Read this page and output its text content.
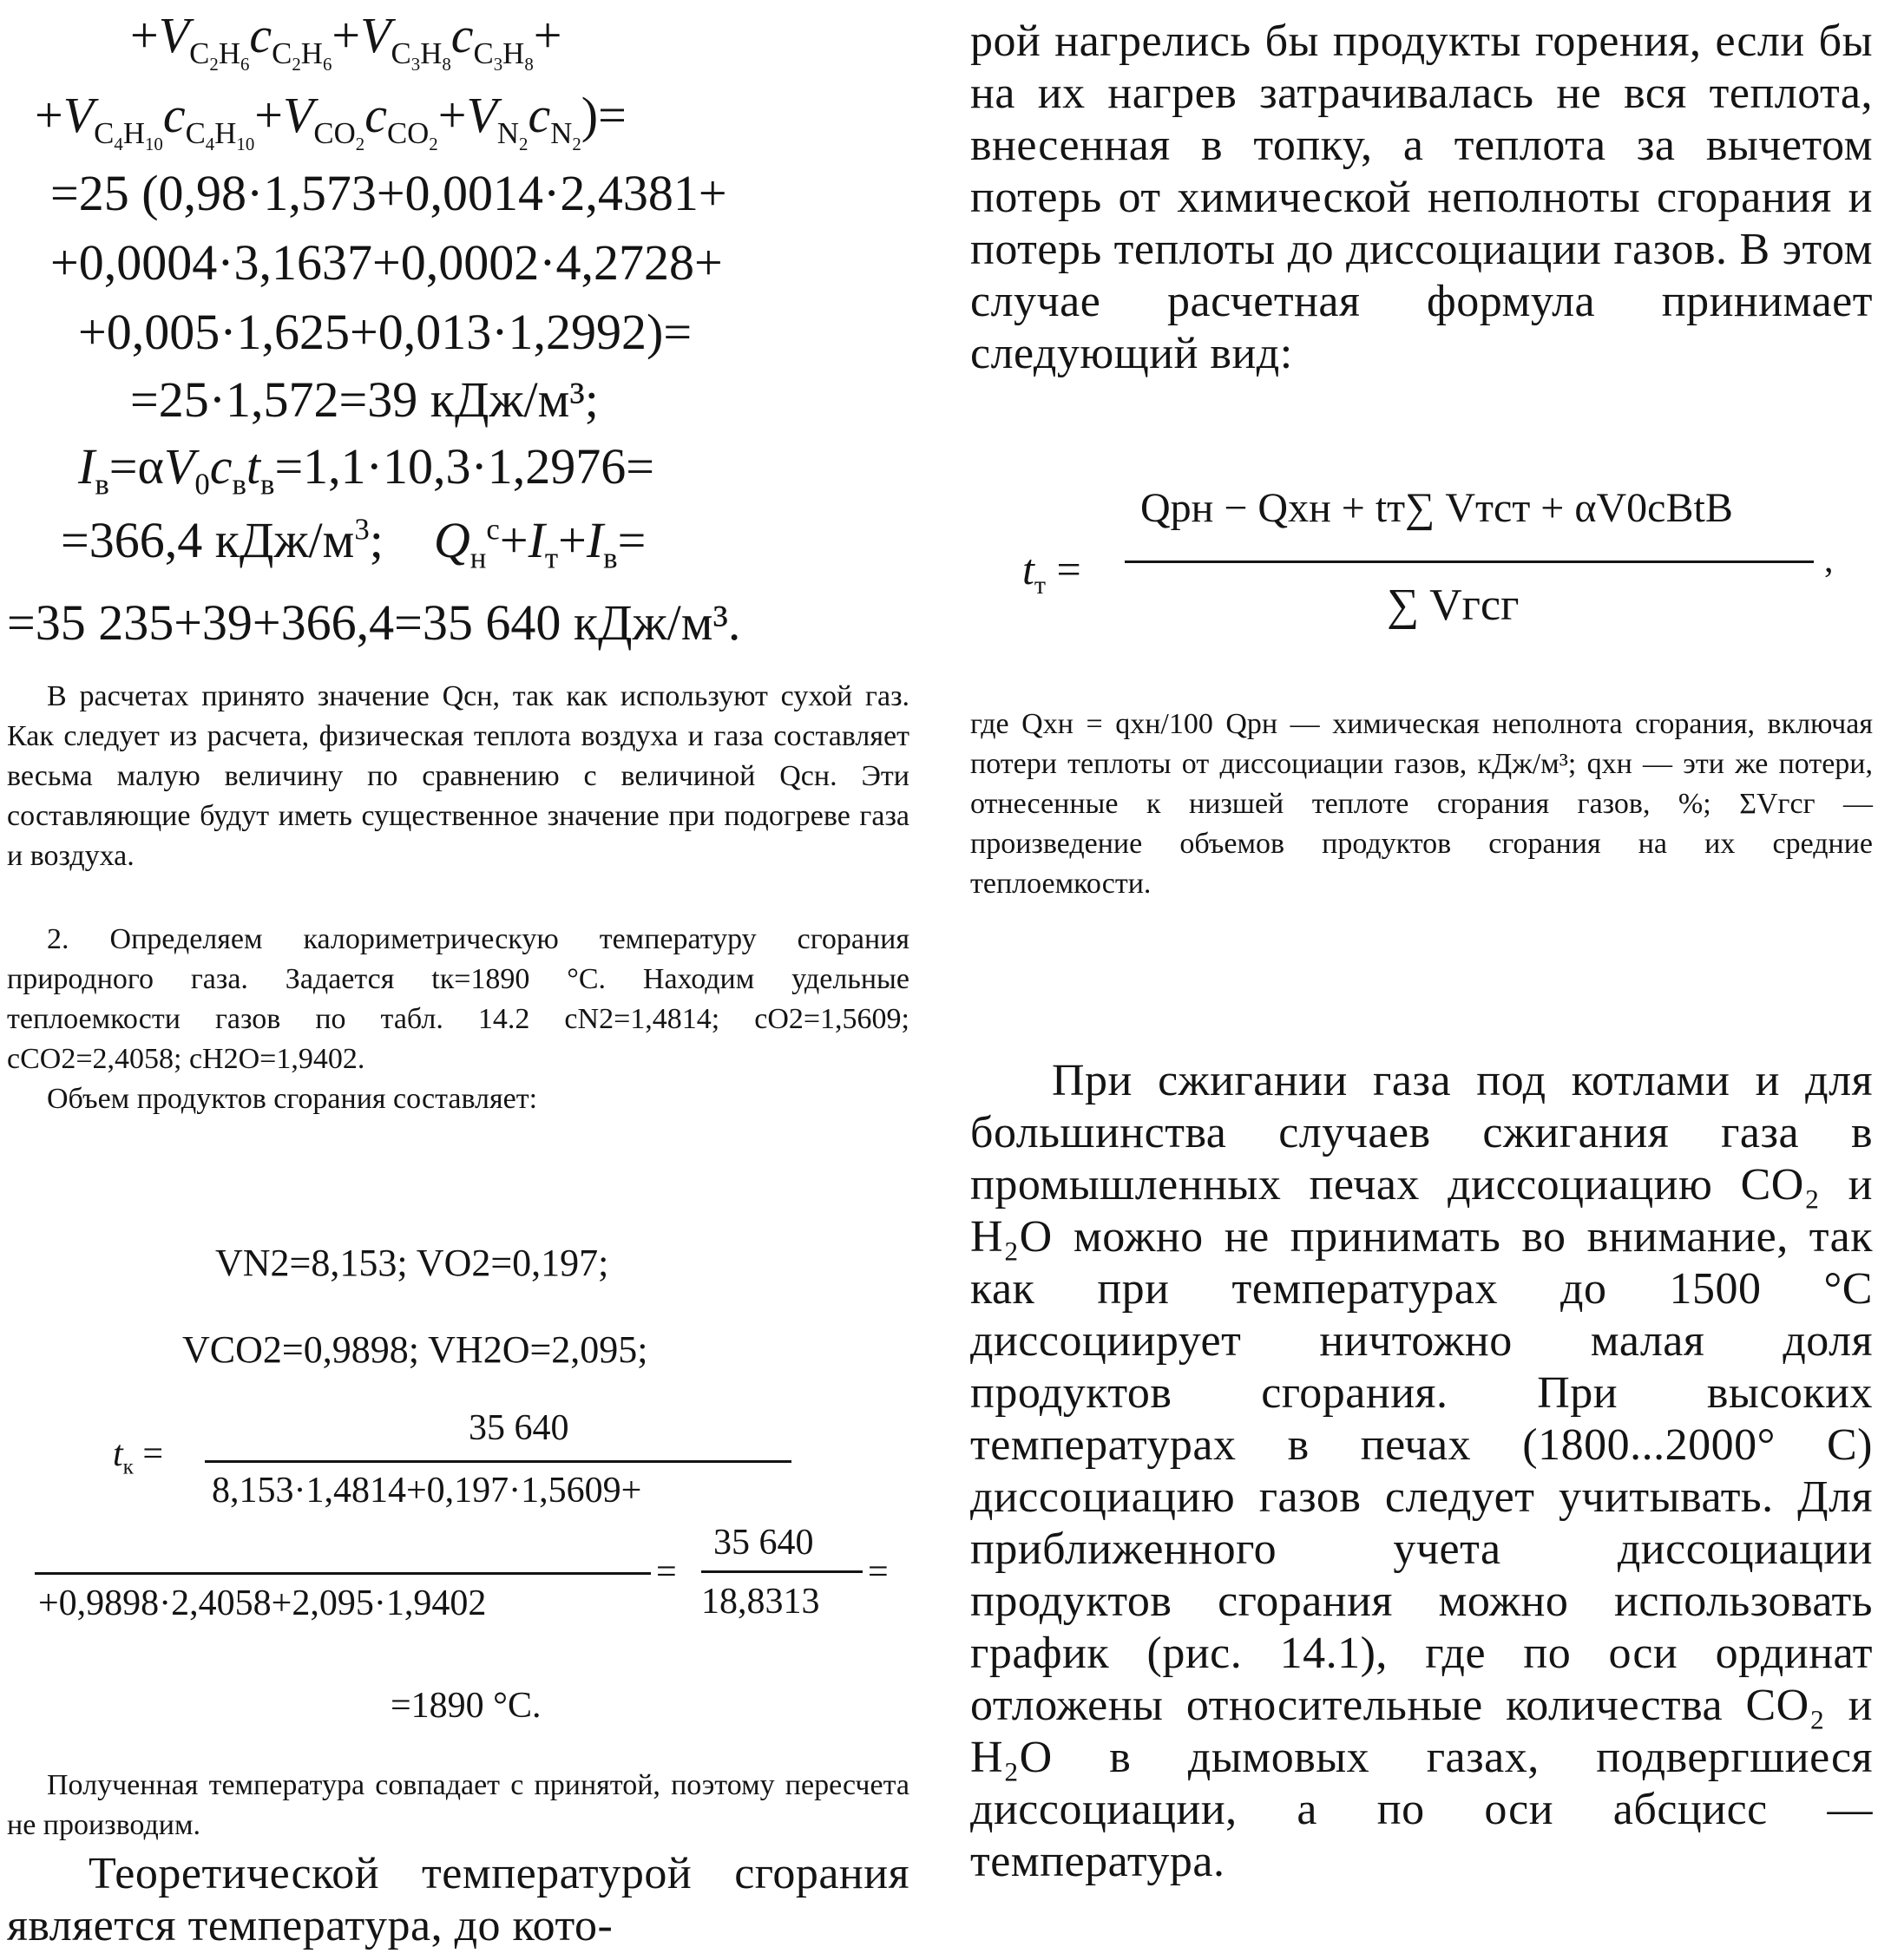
$+V_{C_2H_6}c_{C_2H_6}+V_{C_3H_8}c_{C_3H_8}+$
$+V_{C_4H_{10}}c_{C_4H_{10}}+V_{CO_2}c_{CO_2}+V_{N_2}c_{N_2})=$
=25 (0,98·1,573+0,0014·2,4381+
+0,0004·3,1637+0,0002·4,2728+
+0,005·1,625+0,013·1,2992)=
=25·1,572=39 кДж/м³;
$I_в=\alpha V_0c_вt_в=1,1\cdot 10,3\cdot 1,2976=$
=366,4 кДж/$м^3$;    $Q_н^с+I_т+I_в=$
=35 235+39+366,4=35 640 кДж/м³.

В расчетах принято значение Qсн, так как используют сухой газ. Как следует из расчета, физическая теплота воздуха и газа составляет весьма малую величину по сравнению с величиной Qсн. Эти составляющие будут иметь существенное значение при подогреве газа и воздуха.

2. Определяем калориметрическую температуру сгорания природного газа. Задается tк=1890 °C. Находим удельные теплоемкости газов по табл. 14.2 cN2=1,4814; cO2=1,5609; cCO2=2,4058; cH2O=1,9402.

Объем продуктов сгорания составляет:

VN2=8,153; VO2=0,197;
VCO2=0,9898; VH2O=2,095;
$t_к$ =
35 640
8,153·1,4814+0,197·1,5609+
+0,9898·2,4058+2,095·1,9402
=
35 640
18,8313
=
=1890 °C.

Полученная температура совпадает с принятой, поэтому пересчета не производим.

Теоретической температурой сгорания является температура, до кото-

рой нагрелись бы продукты горения, если бы на их нагрев затрачивалась не вся теплота, внесенная в топку, а теплота за вычетом потерь от химической неполноты сгорания и потерь теплоты до диссоциации газов. В этом случае расчетная формула принимает следующий вид:

$t_т$ =
Qрн − Qхн + tт∑ Vтcт + αV0cВtВ
∑ Vгcг
,

где Qхн = qхн/100 Qрн — химическая неполнота сгорания, включая потери теплоты от диссоциации газов, кДж/м³; qхн — эти же потери, отнесенные к низшей теплоте сгорания газов, %; ΣVгcг — произведение объемов продуктов сгорания на их средние теплоемкости.

При сжигании газа под котлами и для большинства случаев сжигания газа в промышленных печах диссоциацию CO₂ и H₂O можно не принимать во внимание, так как при температурах до 1500 °C диссоциирует ничтожно малая доля продуктов сгорания. При высоких температурах в печах (1800...2000° C) диссоциацию газов следует учитывать. Для приближенного учета диссоциации продуктов сгорания можно использовать график (рис. 14.1), где по оси ординат отложены относительные количества CO₂ и H₂O в дымовых газах, подвергшиеся диссоциации, а по оси абсцисс — температура.
